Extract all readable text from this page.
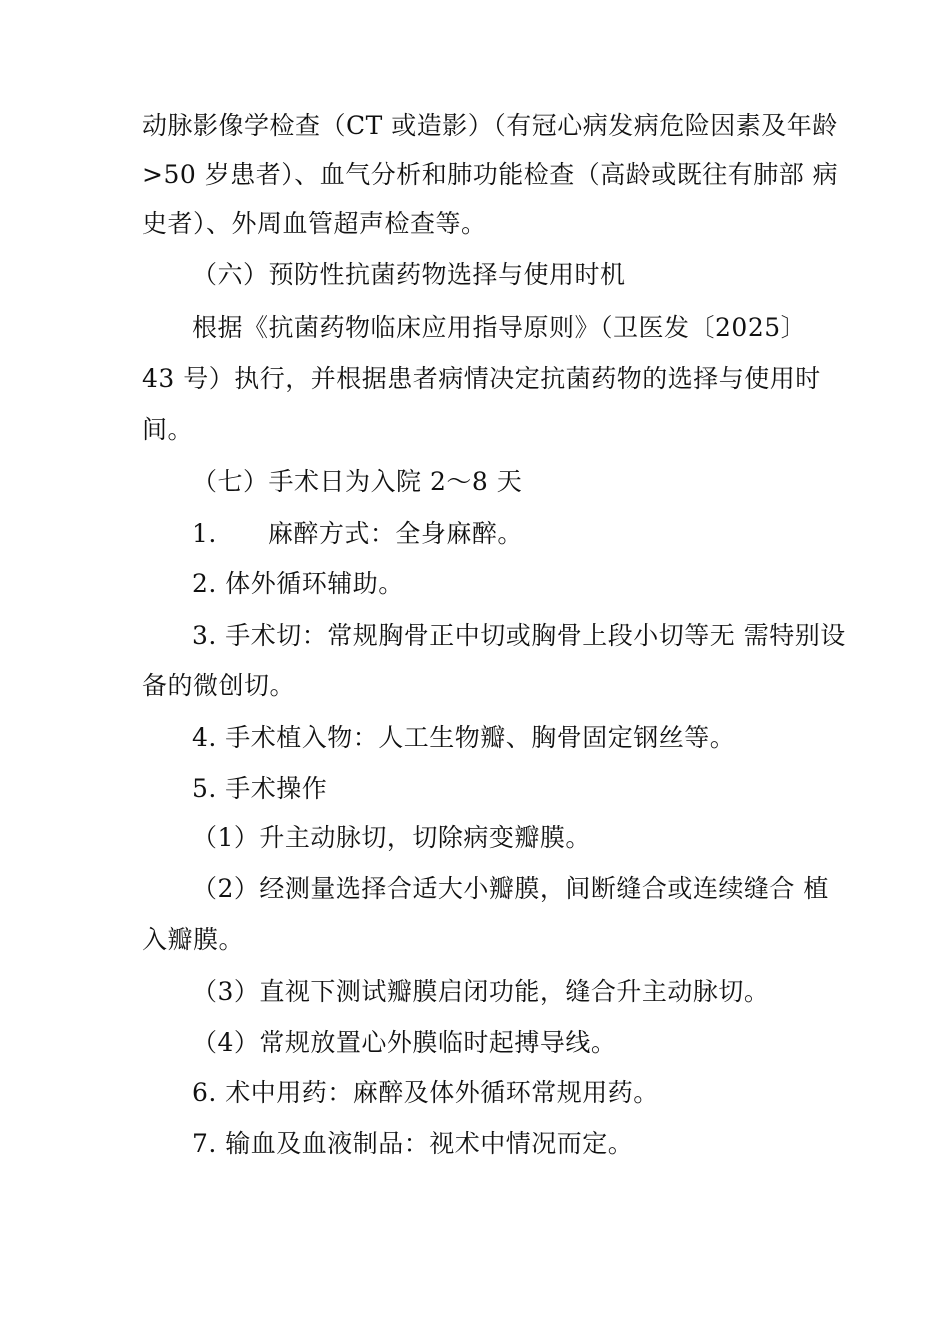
动脉影像学检查（CT 或造影）（有冠心病发病危险因素及年龄
>50 岁患者）、血气分析和肺功能检查（高龄或既往有肺部 病
史者）、外周血管超声检查等。
（六）预防性抗菌药物选择与使用时机
根据《抗菌药物临床应用指导原则》（卫医发〔2025〕
43 号）执行，并根据患者病情决定抗菌药物的选择与使用时
间。
（七）手术日为入院 2〜8 天
1.　　麻醉方式：全身麻醉。
2. 体外循环辅助。
3. 手术切：常规胸骨正中切或胸骨上段小切等无 需特别设
备的微创切。
4. 手术植入物：人工生物瓣、胸骨固定钢丝等。
5. 手术操作
（1）升主动脉切，切除病变瓣膜。
（2）经测量选择合适大小瓣膜，间断缝合或连续缝合 植
入瓣膜。
（3）直视下测试瓣膜启闭功能，缝合升主动脉切。
（4）常规放置心外膜临时起搏导线。
6. 术中用药：麻醉及体外循环常规用药。
7. 输血及血液制品：视术中情况而定。
